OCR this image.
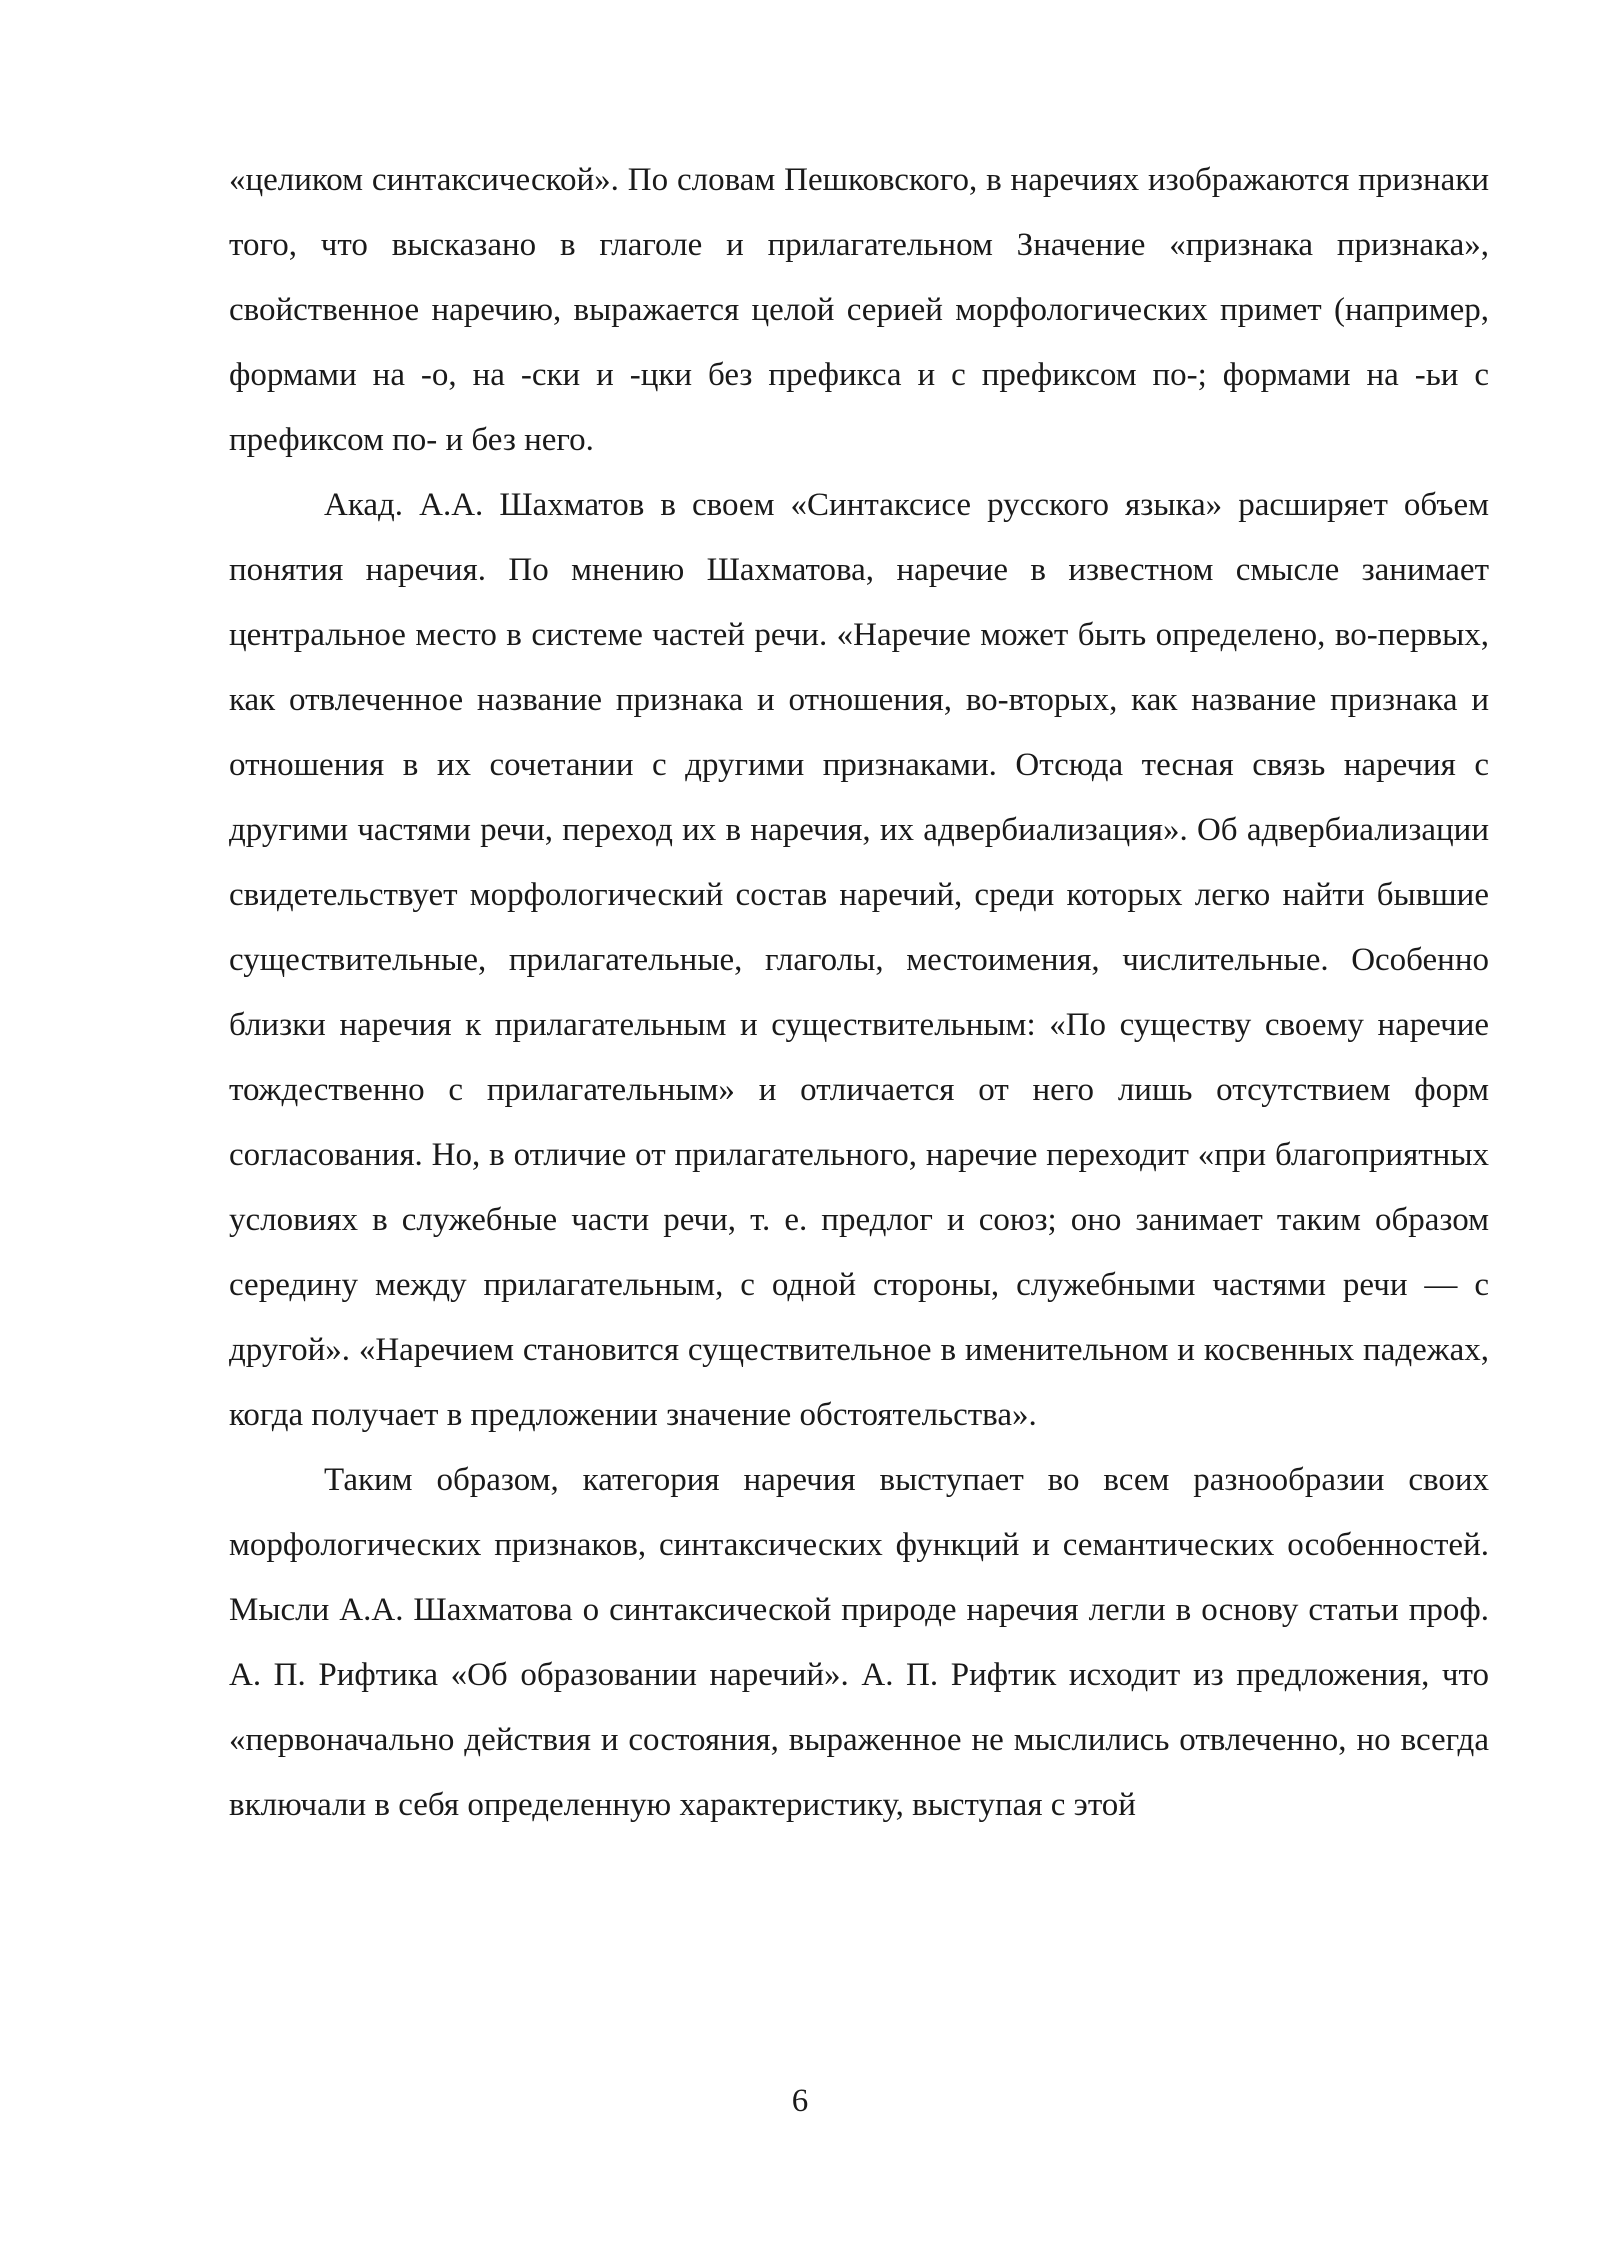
«целиком синтаксической». По словам Пешковского, в наречиях изображаются признаки того, что высказано в глаголе и прилагательном Значение «признака признака», свойственное наречию, выражается целой серией морфологических примет (например, формами на -о, на -ски и -цки без префикса и с префиксом по-; формами на -ьи с префиксом по- и без него.

Акад. А.А. Шахматов в своем «Синтаксисе русского языка» расширяет объем понятия наречия. По мнению Шахматова, наречие в известном смысле занимает центральное место в системе частей речи. «Наречие может быть определено, во-первых, как отвлеченное название признака и отношения, во-вторых, как название признака и отношения в их сочетании с другими признаками. Отсюда тесная связь наречия с другими частями речи, переход их в наречия, их адвербиализация». Об адвербиализации свидетельствует морфологический состав наречий, среди которых легко найти бывшие существительные, прилагательные, глаголы, местоимения, числительные. Особенно близки наречия к прилагательным и существительным: «По существу своему наречие тождественно с прилагательным» и отличается от него лишь отсутствием форм согласования. Но, в отличие от прилагательного, наречие переходит «при благоприятных условиях в служебные части речи, т. е. предлог и союз; оно занимает таким образом середину между прилагательным, с одной стороны, служебными частями речи — с другой». «Наречием становится существительное в именительном и косвенных падежах, когда получает в предложении значение обстоятельства».

Таким образом, категория наречия выступает во всем разнообразии своих морфологических признаков, синтаксических функций и семантических особенностей. Мысли А.А. Шахматова о синтаксической природе наречия легли в основу статьи проф. А. П. Рифтика «Об образовании наречий». А. П. Рифтик исходит из предложения, что «первоначально действия и состояния, выраженное не мыслились отвлеченно, но всегда включали в себя определенную характеристику, выступая с этой

6
